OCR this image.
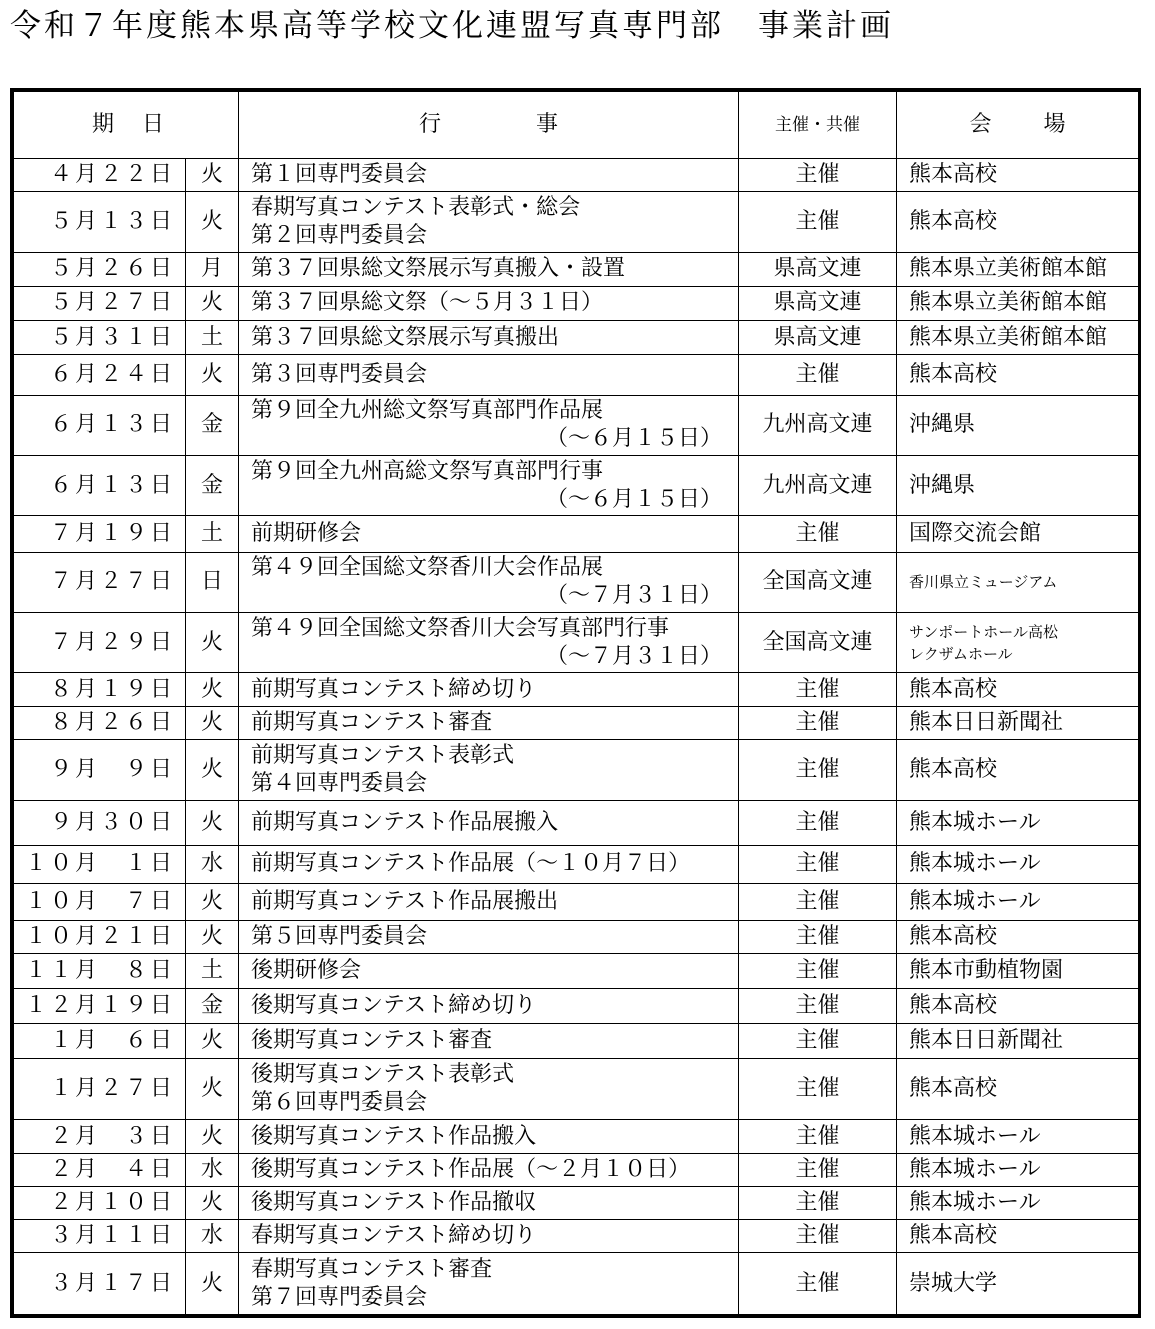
令和７年度熊本県高等学校文化連盟写真専門部　事業計画
期日		行 事	主催・共催	会 場
４月２２日	火	第１回専門委員会	主催	熊本高校
５月１３日	火	春期写真コンテスト表彰式・総会
第２回専門委員会	主催	熊本高校
５月２６日	月	第３７回県総文祭展示写真搬入・設置	県高文連	熊本県立美術館本館
５月２７日	火	第３７回県総文祭（～５月３１日）	県高文連	熊本県立美術館本館
５月３１日	土	第３７回県総文祭展示写真搬出	県高文連	熊本県立美術館本館
６月２４日	火	第３回専門委員会	主催	熊本高校
６月１３日	金	第９回全九州総文祭写真部門作品展
（～６月１５日）	九州高文連	沖縄県
６月１３日	金	第９回全九州高総文祭写真部門行事
（～６月１５日）	九州高文連	沖縄県
７月１９日	土	前期研修会	主催	国際交流会館
７月２７日	日	第４９回全国総文祭香川大会作品展
（～７月３１日）	全国高文連	香川県立ミュージアム
７月２９日	火	第４９回全国総文祭香川大会写真部門行事
（～７月３１日）	全国高文連	サンポートホール高松
レクザムホール
８月１９日	火	前期写真コンテスト締め切り	主催	熊本高校
８月２６日	火	前期写真コンテスト審査	主催	熊本日日新聞社
９月　９日	火	前期写真コンテスト表彰式
第４回専門委員会	主催	熊本高校
９月３０日	火	前期写真コンテスト作品展搬入	主催	熊本城ホール
１０月　１日	水	前期写真コンテスト作品展（～１０月７日）	主催	熊本城ホール
１０月　７日	火	前期写真コンテスト作品展搬出	主催	熊本城ホール
１０月２１日	火	第５回専門委員会	主催	熊本高校
１１月　８日	土	後期研修会	主催	熊本市動植物園
１２月１９日	金	後期写真コンテスト締め切り	主催	熊本高校
１月　６日	火	後期写真コンテスト審査	主催	熊本日日新聞社
１月２７日	火	後期写真コンテスト表彰式
第６回専門委員会	主催	熊本高校
２月　３日	火	後期写真コンテスト作品搬入	主催	熊本城ホール
２月　４日	水	後期写真コンテスト作品展（～２月１０日）	主催	熊本城ホール
２月１０日	火	後期写真コンテスト作品撤収	主催	熊本城ホール
３月１１日	水	春期写真コンテスト締め切り	主催	熊本高校
３月１７日	火	春期写真コンテスト審査
第７回専門委員会	主催	崇城大学
